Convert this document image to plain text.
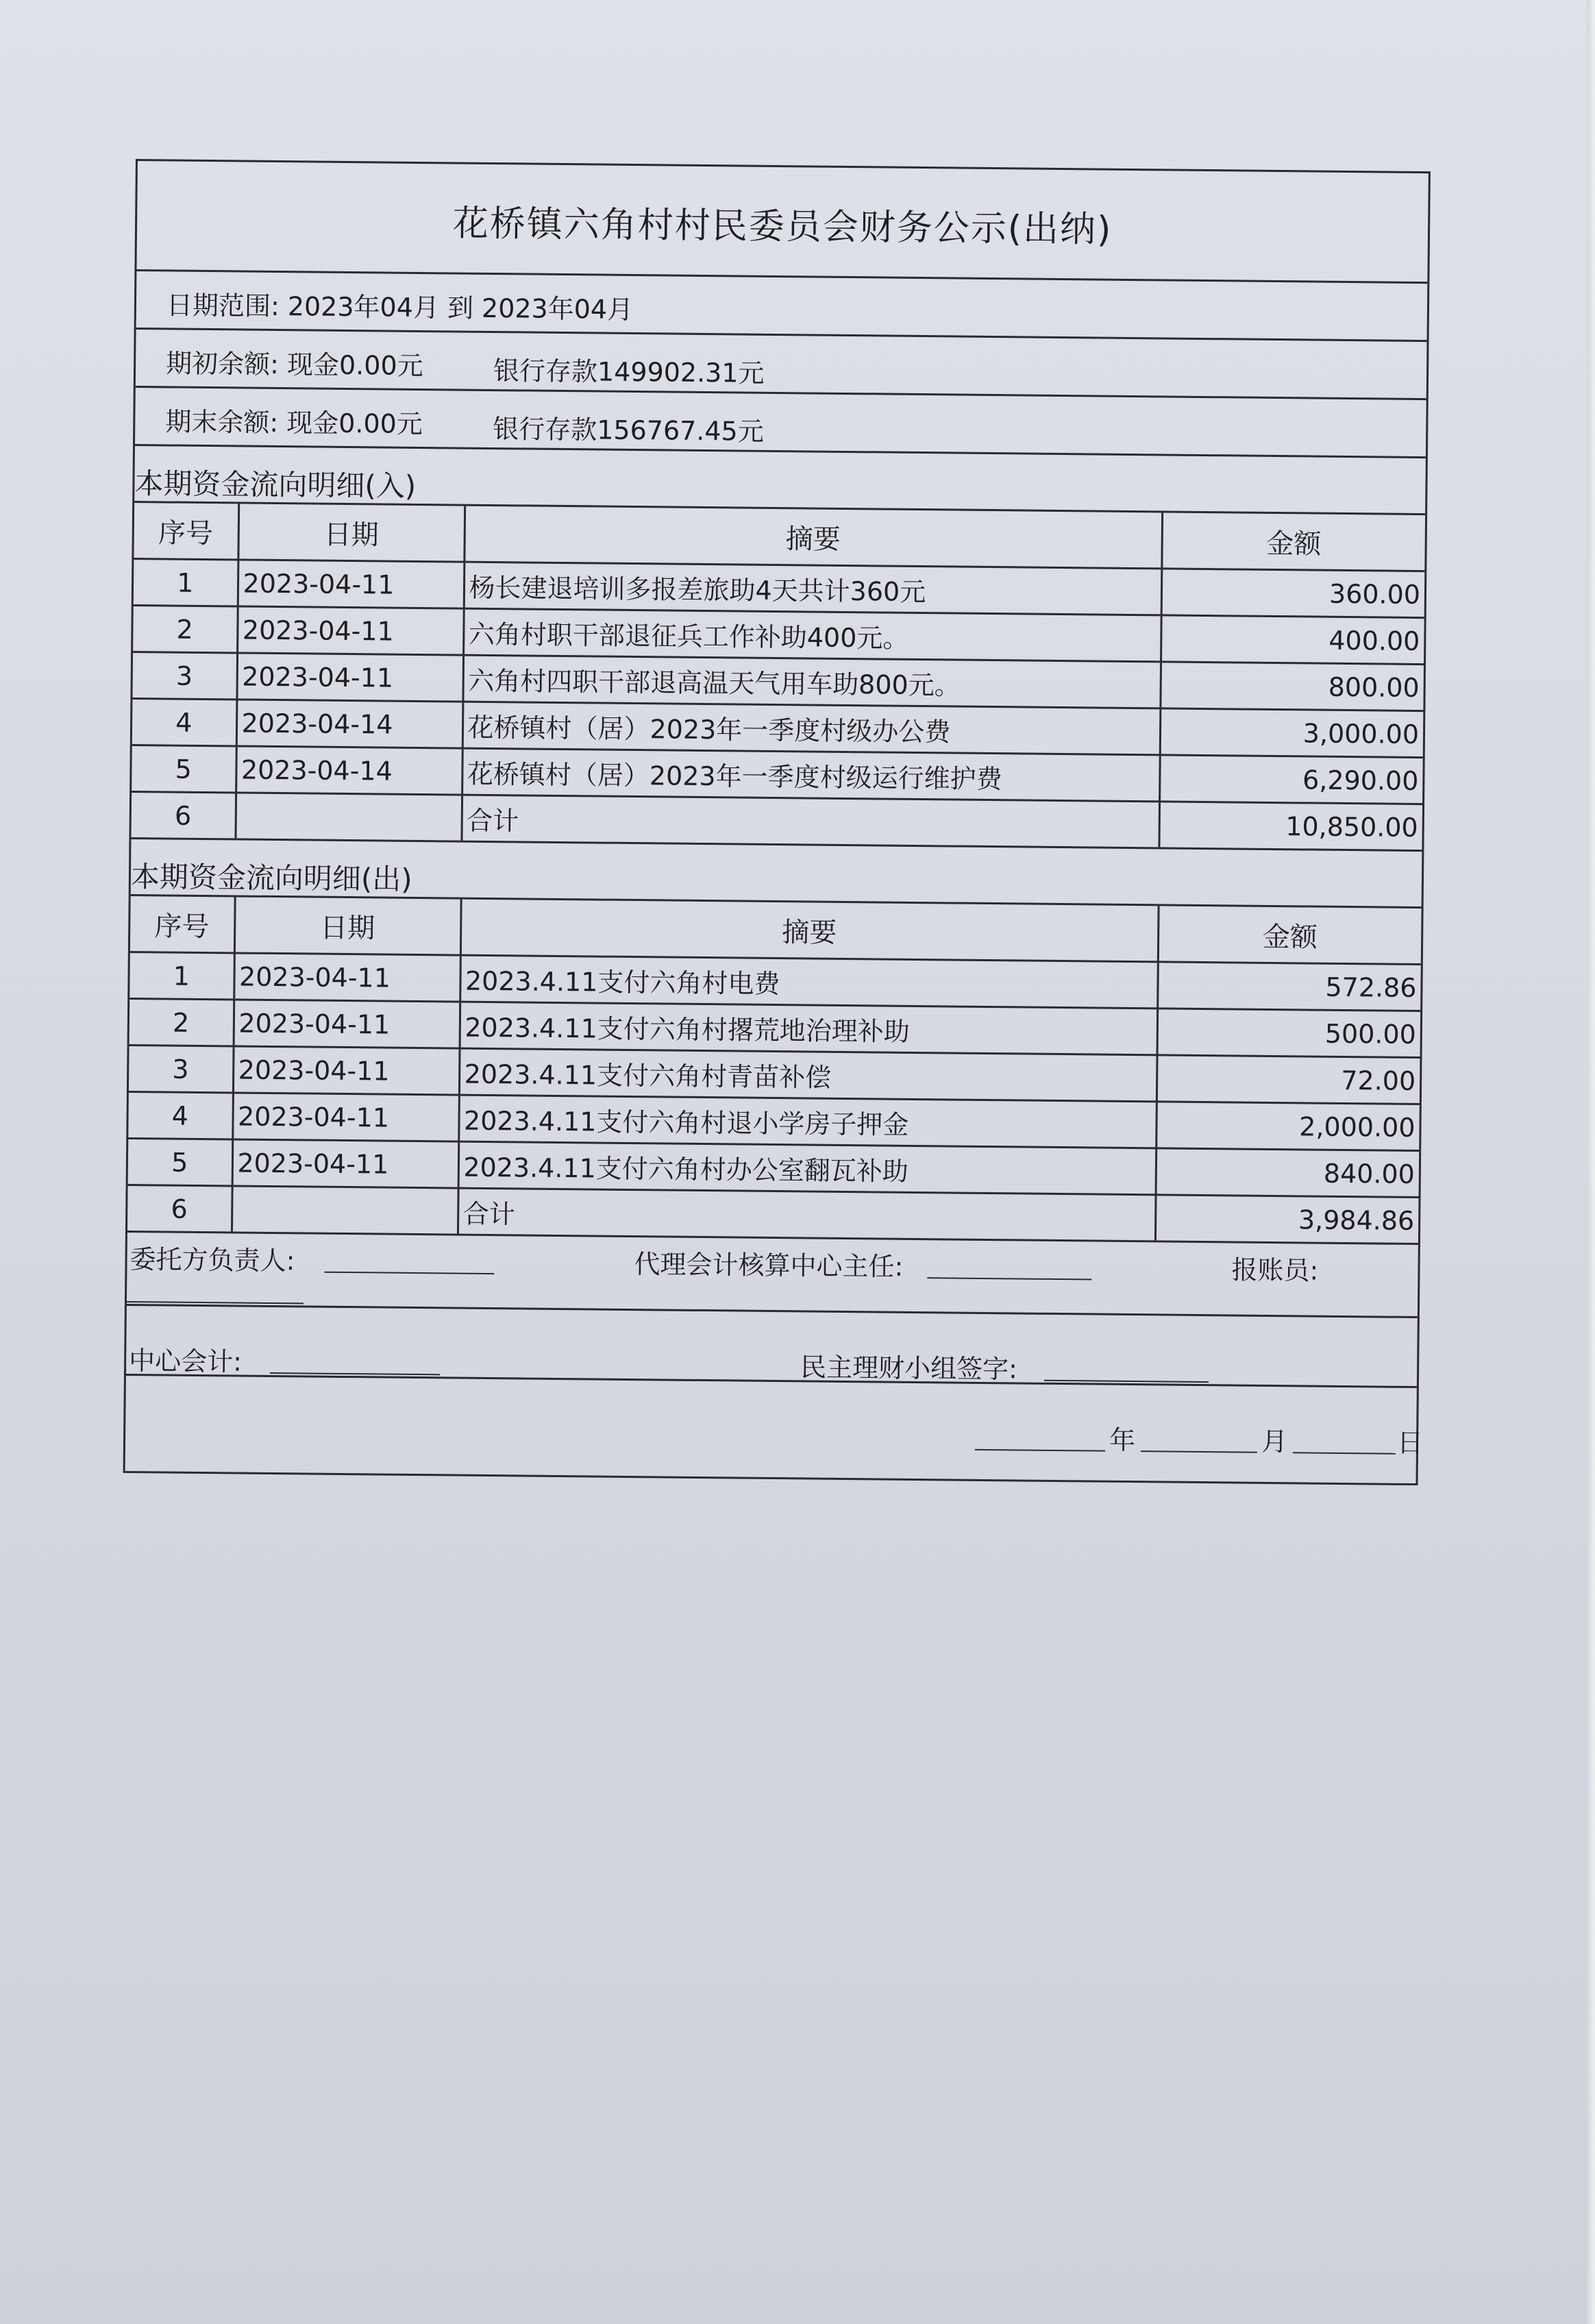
花桥镇六角村村民委员会财务公示(出纳)
日期范围: 2023年04月 到 2023年04月
期初余额: 现金0.00元	银行存款149902.31元
期末余额: 现金0.00元	银行存款156767.45元
本期资金流向明细(入)
序号	日期	摘要	金额
1	2023-04-11	杨长建退培训多报差旅助4天共计360元	360.00
2	2023-04-11	六角村职干部退征兵工作补助400元。	400.00
3	2023-04-11	六角村四职干部退高温天气用车助800元。	800.00
4	2023-04-14	花桥镇村（居）2023年一季度村级办公费	3,000.00
5	2023-04-14	花桥镇村（居）2023年一季度村级运行维护费	6,290.00
6		合计	10,850.00
本期资金流向明细(出)
序号	日期	摘要	金额
1	2023-04-11	2023.4.11支付六角村电费	572.86
2	2023-04-11	2023.4.11支付六角村撂荒地治理补助	500.00
3	2023-04-11	2023.4.11支付六角村青苗补偿	72.00
4	2023-04-11	2023.4.11支付六角村退小学房子押金	2,000.00
5	2023-04-11	2023.4.11支付六角村办公室翻瓦补助	840.00
6		合计	3,984.86
委托方负责人:	代理会计核算中心主任:	报账员:
中心会计:	民主理财小组签字:
年	月	日
